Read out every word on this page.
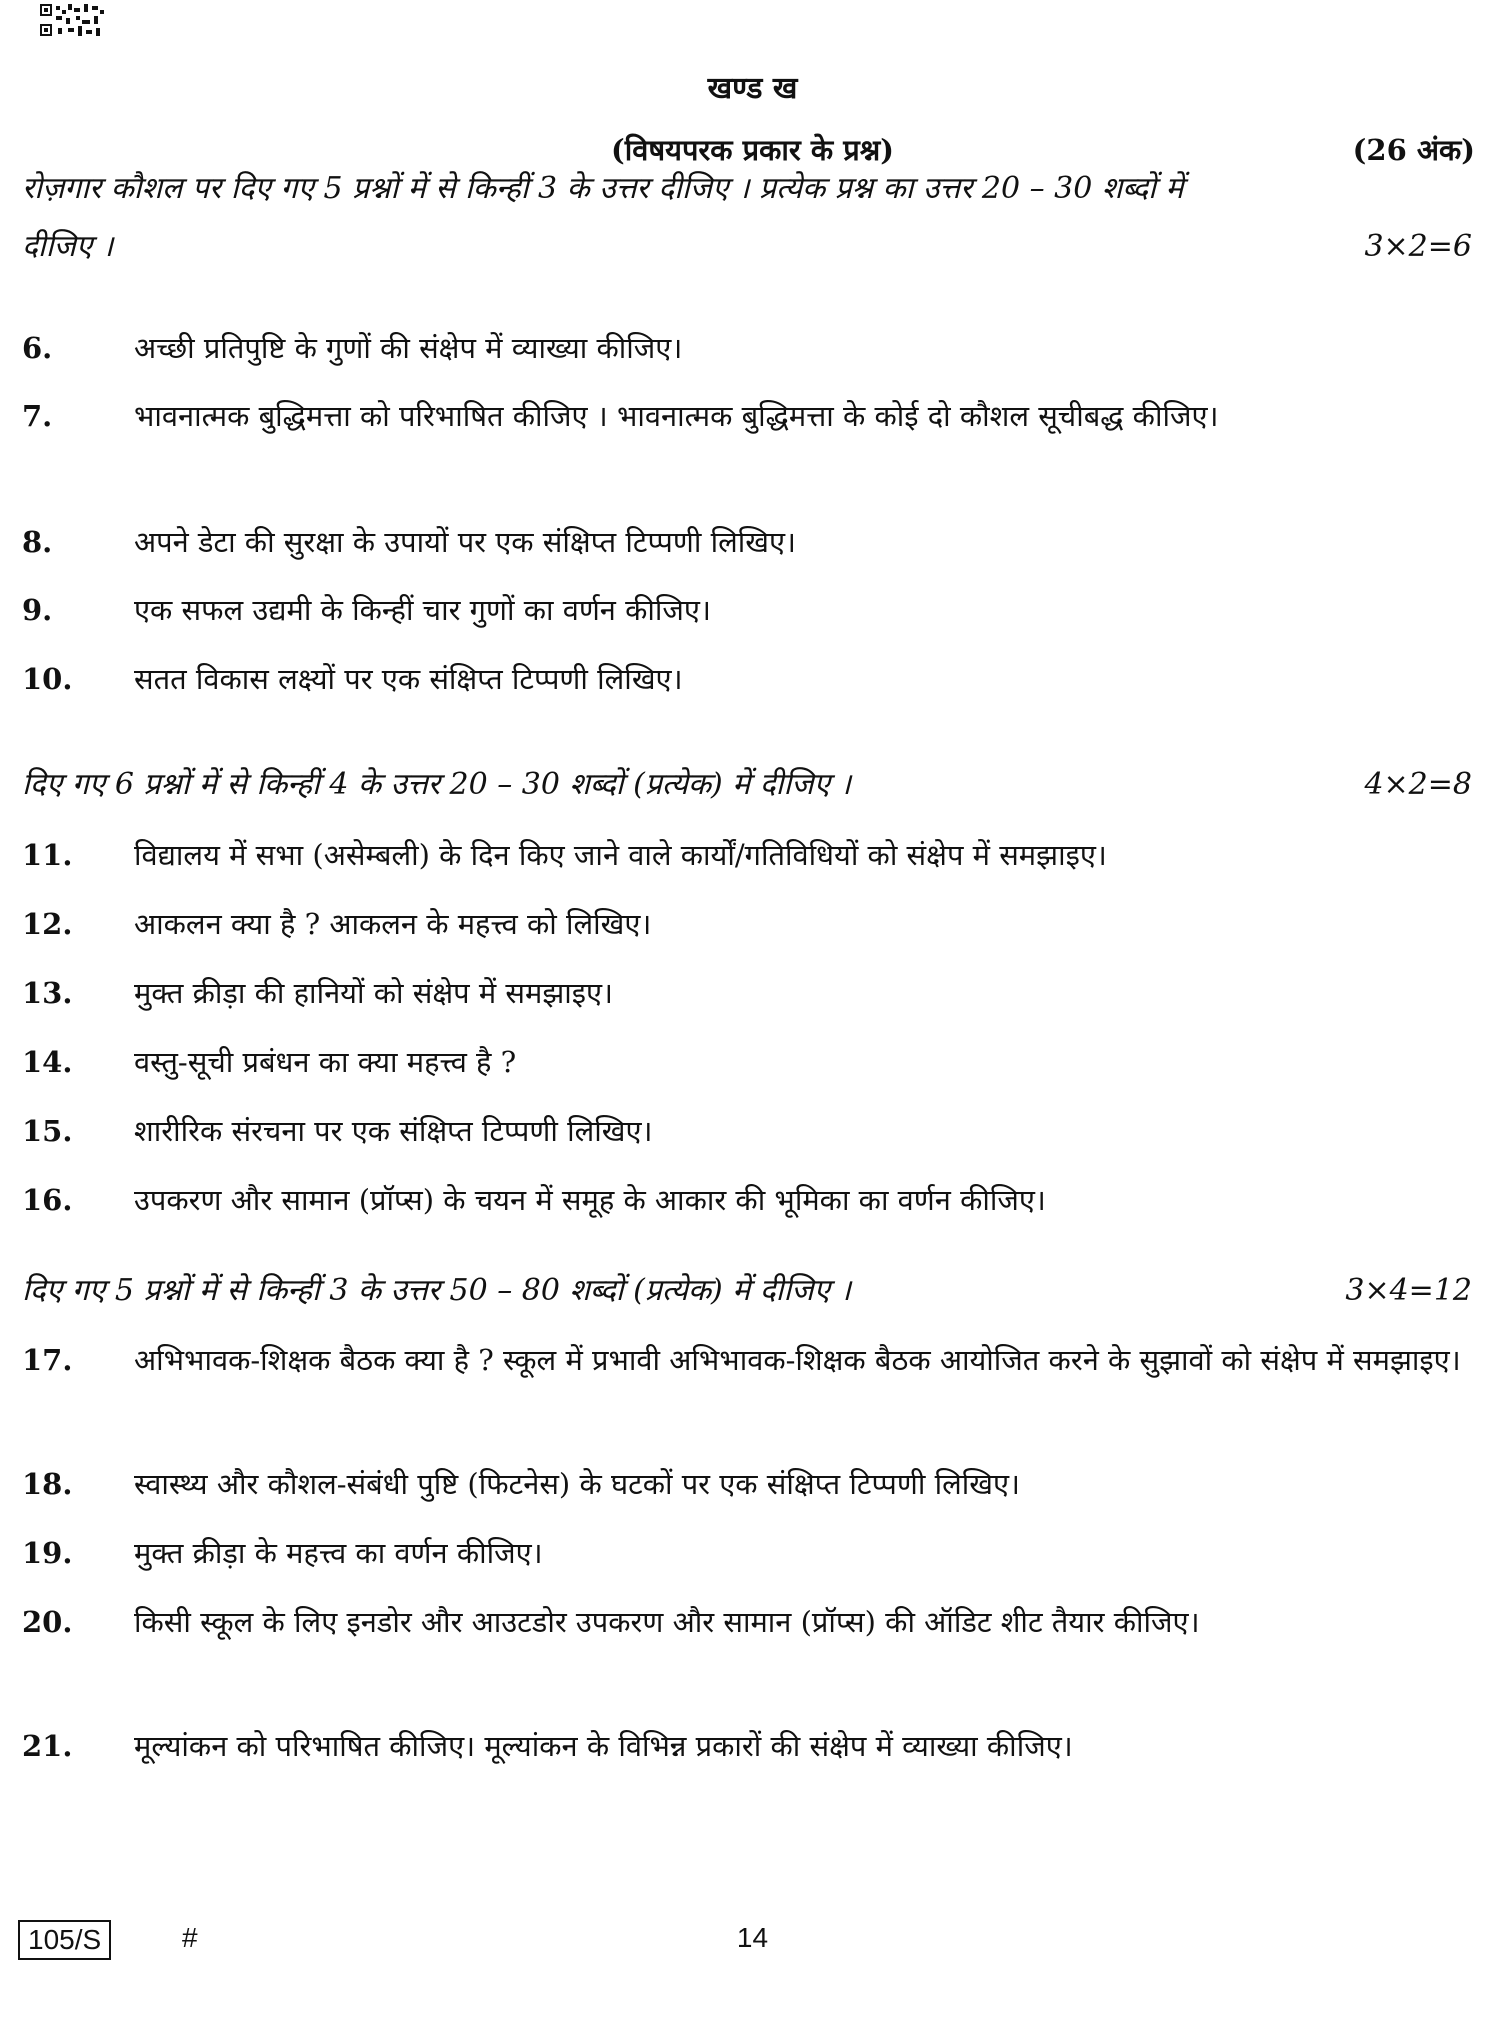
खण्ड ख
(विषयपरक प्रकार के प्रश्न)	(26 अंक)
रोज़गार कौशल पर दिए गए 5 प्रश्नों में से किन्हीं 3 के उत्तर दीजिए । प्रत्येक प्रश्न का उत्तर 20 – 30 शब्दों में
दीजिए ।	3×2=6
6.	अच्छी प्रतिपुष्टि के गुणों की संक्षेप में व्याख्या कीजिए।
7.	भावनात्मक बुद्धिमत्ता को परिभाषित कीजिए । भावनात्मक बुद्धिमत्ता के कोई दो कौशल सूचीबद्ध कीजिए।
8.	अपने डेटा की सुरक्षा के उपायों पर एक संक्षिप्त टिप्पणी लिखिए।
9.	एक सफल उद्यमी के किन्हीं चार गुणों का वर्णन कीजिए।
10.	सतत विकास लक्ष्यों पर एक संक्षिप्त टिप्पणी लिखिए।
दिए गए 6 प्रश्नों में से किन्हीं 4 के उत्तर 20 – 30 शब्दों (प्रत्येक) में दीजिए ।	4×2=8
11.	विद्यालय में सभा (असेम्बली) के दिन किए जाने वाले कार्यों/गतिविधियों को संक्षेप में समझाइए।
12.	आकलन क्या है ? आकलन के महत्त्व को लिखिए।
13.	मुक्त क्रीड़ा की हानियों को संक्षेप में समझाइए।
14.	वस्तु-सूची प्रबंधन का क्या महत्त्व है ?
15.	शारीरिक संरचना पर एक संक्षिप्त टिप्पणी लिखिए।
16.	उपकरण और सामान (प्रॉप्स) के चयन में समूह के आकार की भूमिका का वर्णन कीजिए।
दिए गए 5 प्रश्नों में से किन्हीं 3 के उत्तर 50 – 80 शब्दों (प्रत्येक) में दीजिए ।	3×4=12
17.	अभिभावक-शिक्षक बैठक क्या है ? स्कूल में प्रभावी अभिभावक-शिक्षक बैठक आयोजित करने के सुझावों को संक्षेप में समझाइए।
18.	स्वास्थ्य और कौशल-संबंधी पुष्टि (फिटनेस) के घटकों पर एक संक्षिप्त टिप्पणी लिखिए।
19.	मुक्त क्रीड़ा के महत्त्व का वर्णन कीजिए।
20.	किसी स्कूल के लिए इनडोर और आउटडोर उपकरण और सामान (प्रॉप्स) की ऑडिट शीट तैयार कीजिए।
21.	मूल्यांकन को परिभाषित कीजिए। मूल्यांकन के विभिन्न प्रकारों की संक्षेप में व्याख्या कीजिए।
105/S	#	14
